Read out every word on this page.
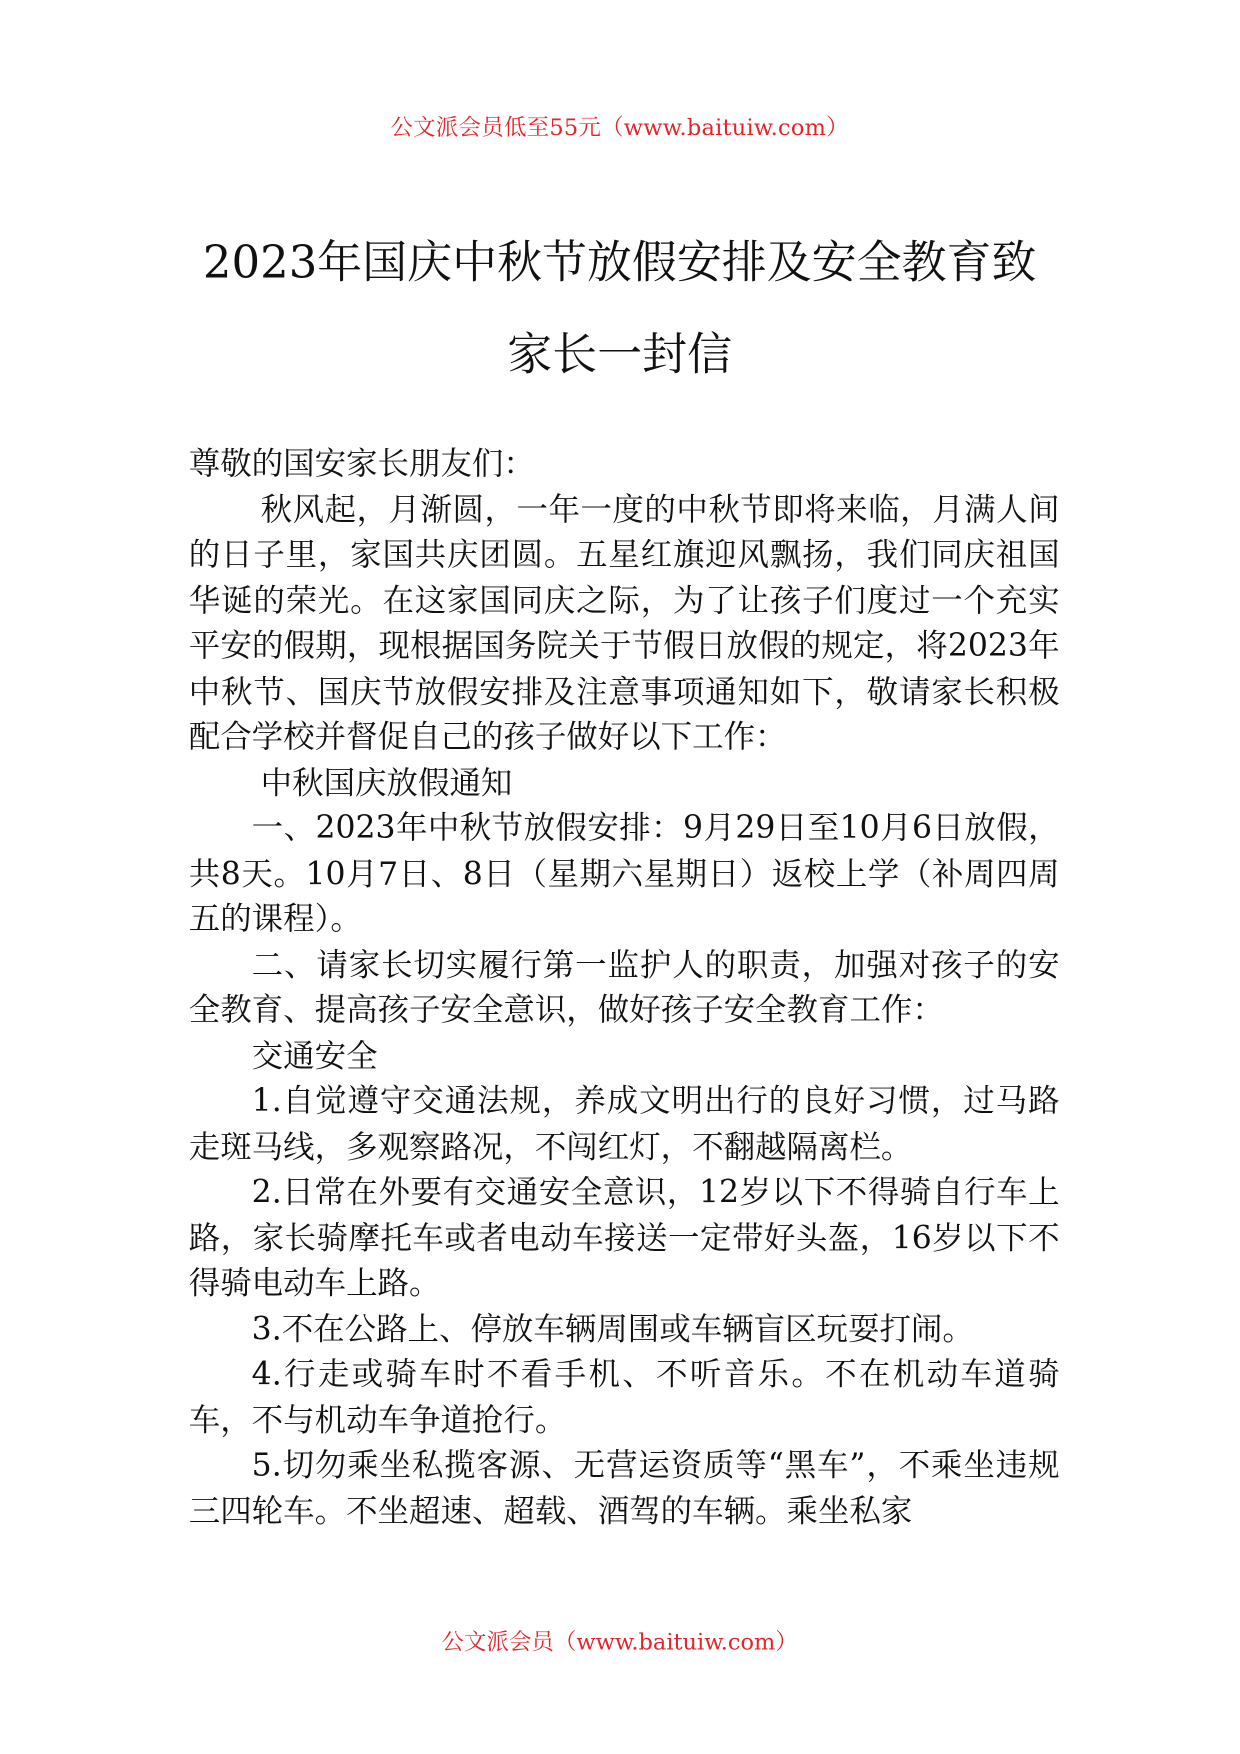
公文派会员低至55元（www.baituiw.com）
2023年国庆中秋节放假安排及安全教育致
家长一封信

尊敬的国安家长朋友们：

秋风起，月渐圆，一年一度的中秋节即将来临，月满人间的日子里，家国共庆团圆。五星红旗迎风飘扬，我们同庆祖国华诞的荣光。在这家国同庆之际，为了让孩子们度过一个充实平安的假期，现根据国务院关于节假日放假的规定，将2023年中秋节、国庆节放假安排及注意事项通知如下，敬请家长积极配合学校并督促自己的孩子做好以下工作：

中秋国庆放假通知

一、2023年中秋节放假安排：9月29日至10月6日放假，共8天。10月7日、8日（星期六星期日）返校上学（补周四周五的课程）。

二、请家长切实履行第一监护人的职责，加强对孩子的安全教育、提高孩子安全意识，做好孩子安全教育工作：

交通安全

1.自觉遵守交通法规，养成文明出行的良好习惯，过马路走斑马线，多观察路况，不闯红灯，不翻越隔离栏。

2.日常在外要有交通安全意识，12岁以下不得骑自行车上路，家长骑摩托车或者电动车接送一定带好头盔，16岁以下不得骑电动车上路。

3.不在公路上、停放车辆周围或车辆盲区玩耍打闹。

4.行走或骑车时不看手机、不听音乐。不在机动车道骑车，不与机动车争道抢行。

5.切勿乘坐私揽客源、无营运资质等“黑车”，不乘坐违规三四轮车。不坐超速、超载、酒驾的车辆。乘坐私家

公文派会员（www.baituiw.com）
